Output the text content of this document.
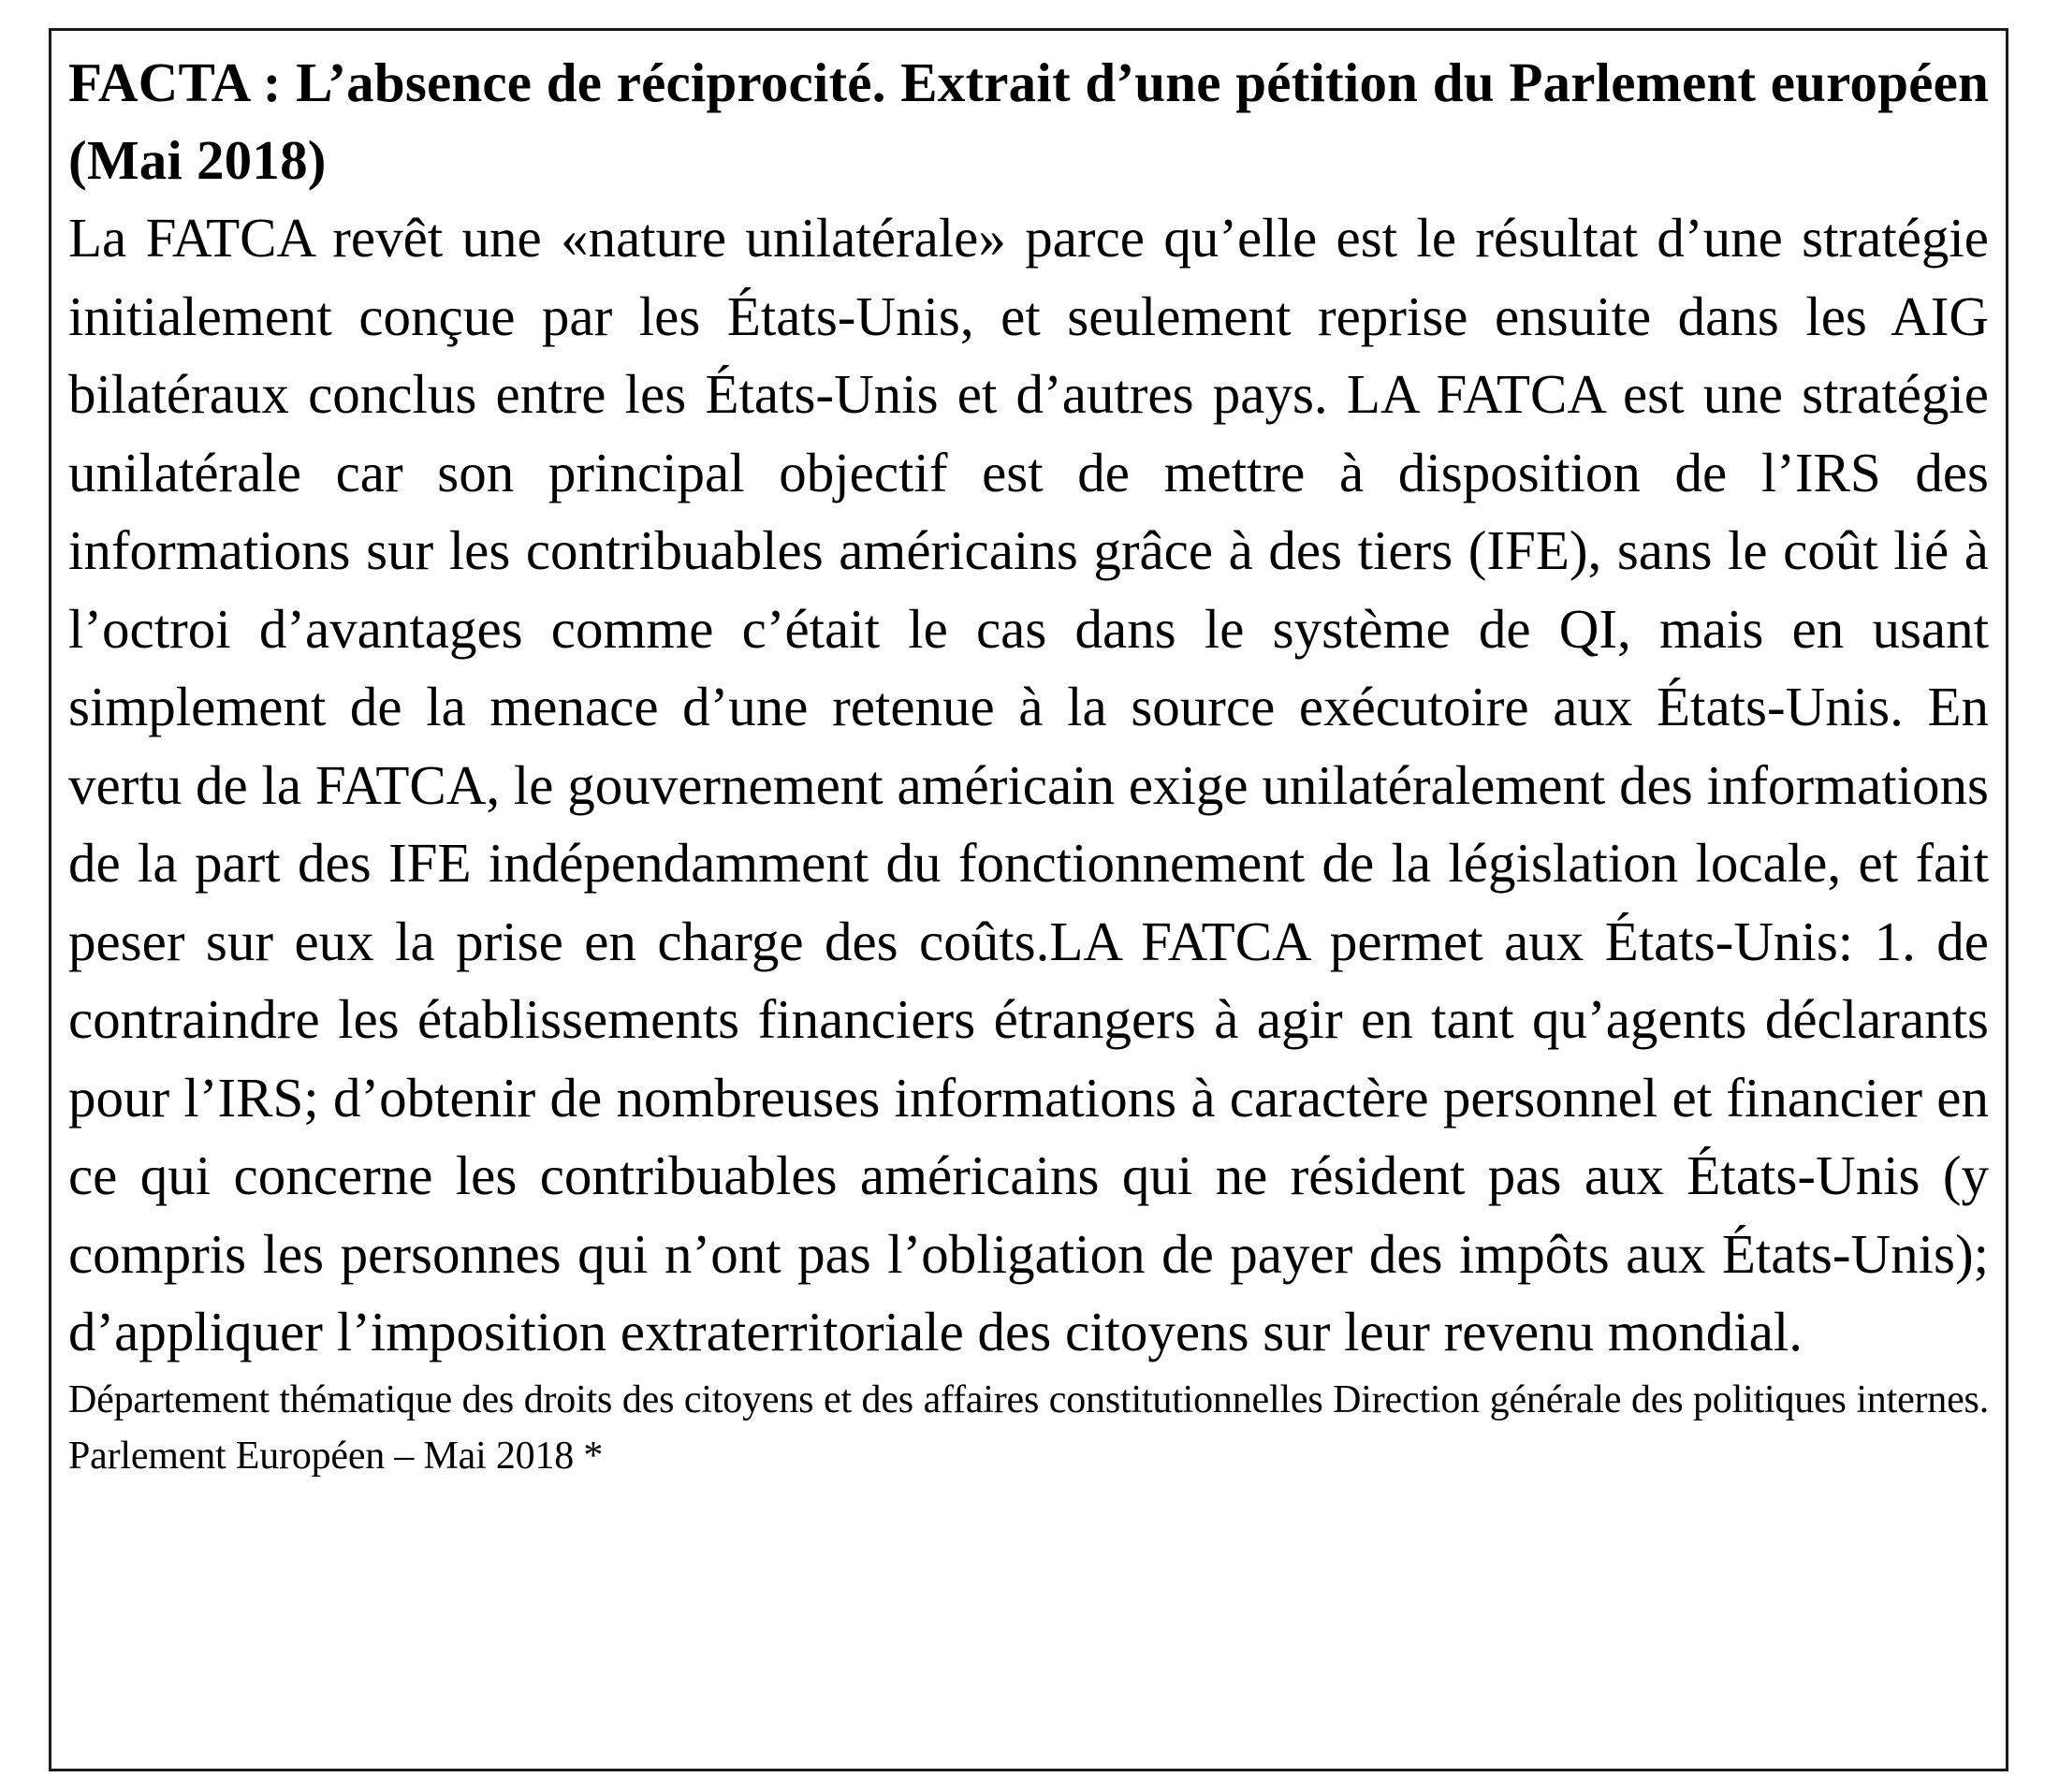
FACTA : L’absence de réciprocité. Extrait d’une pétition du Parlement européen (Mai 2018)

La FATCA revêt une «nature unilatérale» parce qu’elle est le résultat d’une stratégie initialement conçue par les États-Unis, et seulement reprise ensuite dans les AIG bilatéraux conclus entre les États-Unis et d’autres pays. LA FATCA est une stratégie unilatérale car son principal objectif est de mettre à disposition de l’IRS des informations sur les contribuables américains grâce à des tiers (IFE), sans le coût lié à l’octroi d’avantages comme c’était le cas dans le système de QI, mais en usant simplement de la menace d’une retenue à la source exécutoire aux États-Unis. En vertu de la FATCA, le gouvernement américain exige unilatéralement des informations de la part des IFE indépendamment du fonctionnement de la législation locale, et fait peser sur eux la prise en charge des coûts.LA FATCA permet aux États-Unis: 1. de contraindre les établissements financiers étrangers à agir en tant qu’agents déclarants pour l’IRS; d’obtenir de nombreuses informations à caractère personnel et financier en ce qui concerne les contribuables américains qui ne résident pas aux États-Unis (y compris les personnes qui n’ont pas l’obligation de payer des impôts aux États-Unis); d’appliquer l’imposition extraterritoriale des citoyens sur leur revenu mondial.

Département thématique des droits des citoyens et des affaires constitutionnelles Direction générale des politiques internes. Parlement Européen – Mai 2018 *
